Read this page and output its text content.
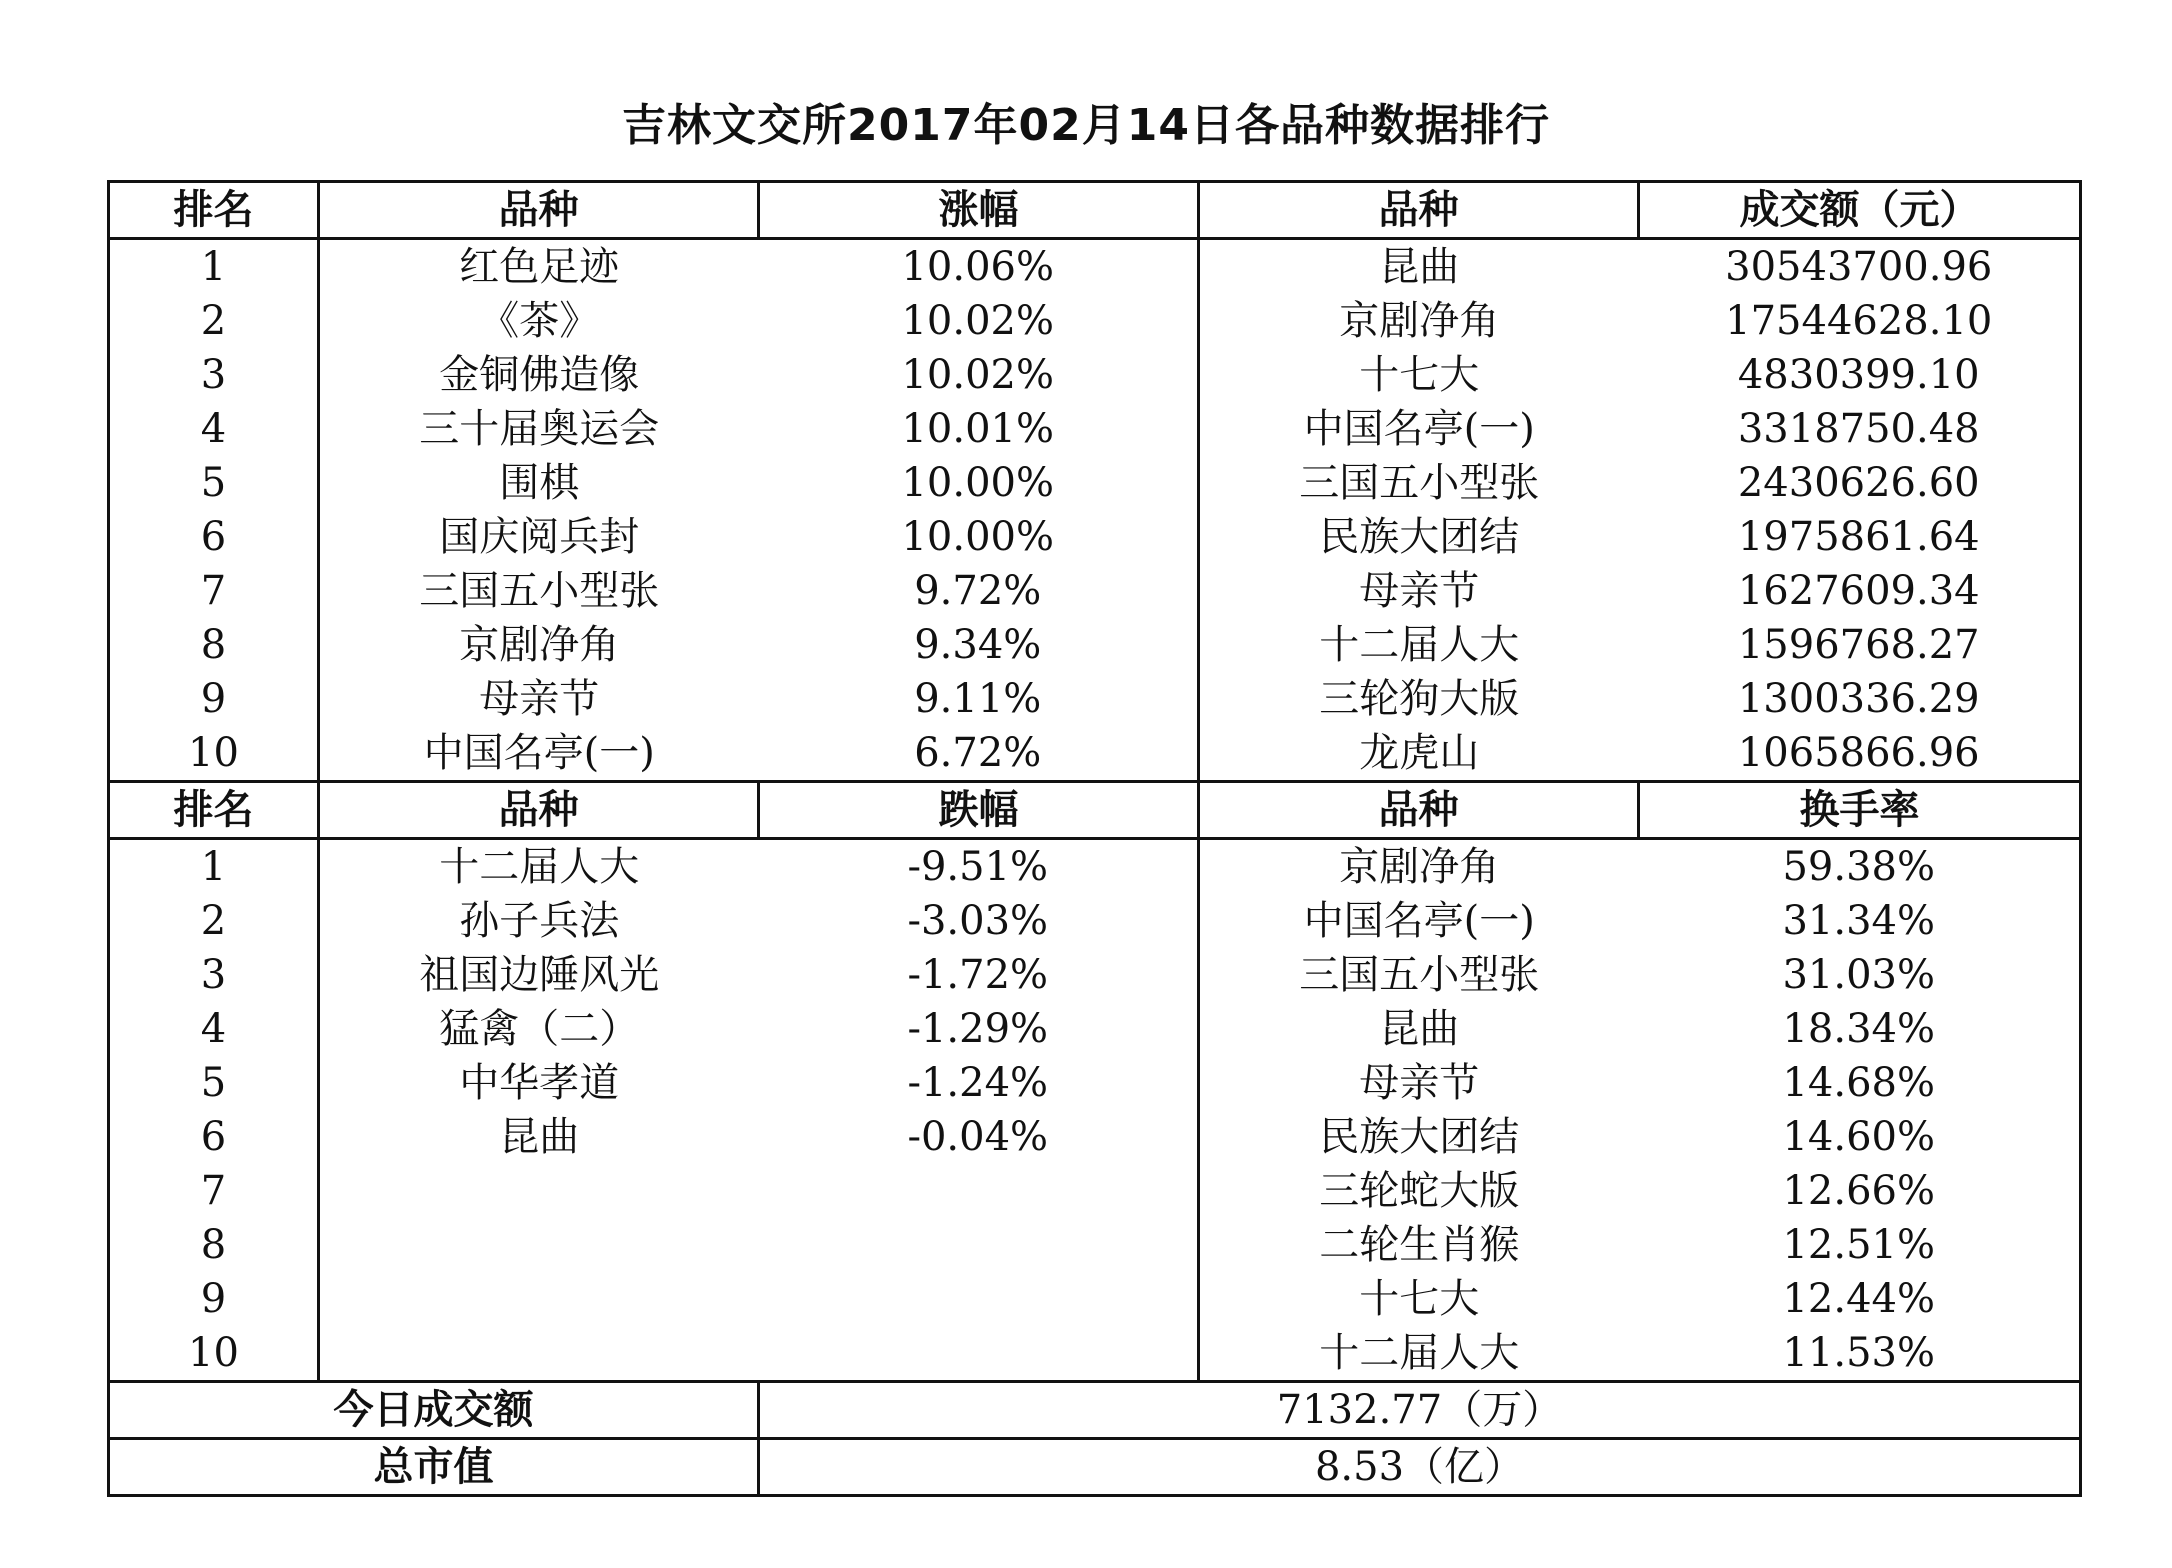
吉林文交所2017年02月14日各品种数据排行
排名	品种	涨幅	品种	成交额（元）
1	红色足迹	10.06%	昆曲	30543700.96
2	《茶》	10.02%	京剧净角	17544628.10
3	金铜佛造像	10.02%	十七大	4830399.10
4	三十届奥运会	10.01%	中国名亭(一)	3318750.48
5	围棋	10.00%	三国五小型张	2430626.60
6	国庆阅兵封	10.00%	民族大团结	1975861.64
7	三国五小型张	9.72%	母亲节	1627609.34
8	京剧净角	9.34%	十二届人大	1596768.27
9	母亲节	9.11%	三轮狗大版	1300336.29
10	中国名亭(一)	6.72%	龙虎山	1065866.96
排名	品种	跌幅	品种	换手率
1	十二届人大	-9.51%	京剧净角	59.38%
2	孙子兵法	-3.03%	中国名亭(一)	31.34%
3	祖国边陲风光	-1.72%	三国五小型张	31.03%
4	猛禽（二）	-1.29%	昆曲	18.34%
5	中华孝道	-1.24%	母亲节	14.68%
6	昆曲	-0.04%	民族大团结	14.60%
7			三轮蛇大版	12.66%
8			二轮生肖猴	12.51%
9			十七大	12.44%
10			十二届人大	11.53%
今日成交额		7132.77（万）		
总市值		8.53（亿）		
